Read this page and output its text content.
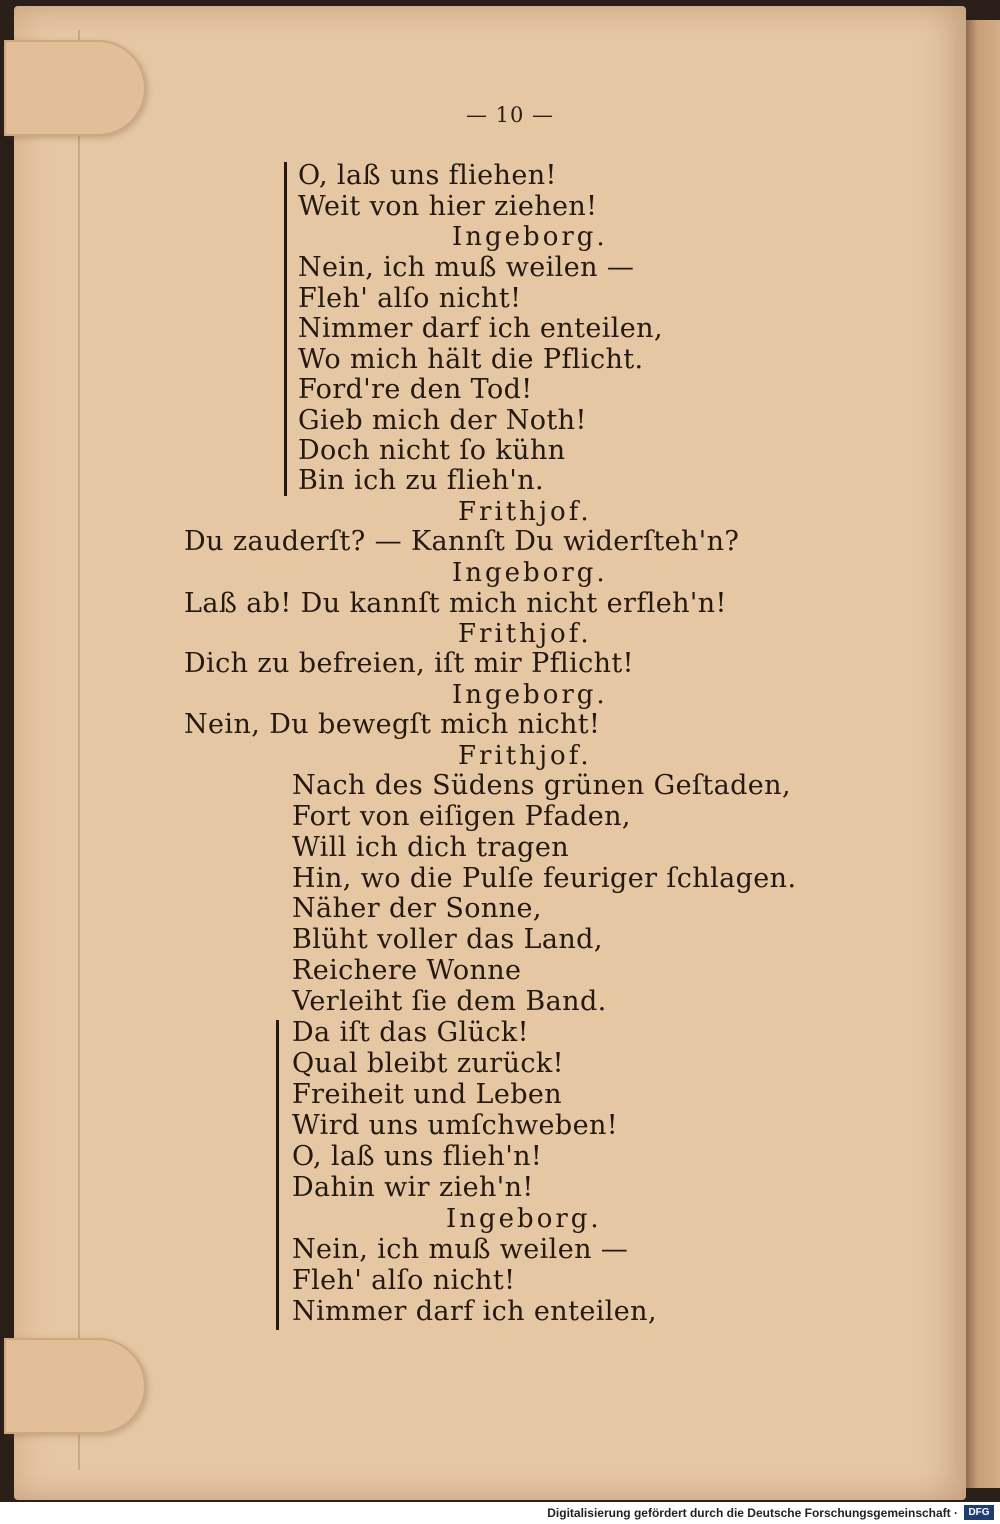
— 10 —
O, laß uns fliehen!
Weit von hier ziehen!
Ingeborg.
Nein, ich muß weilen —
Fleh' alſo nicht!
Nimmer darf ich enteilen,
Wo mich hält die Pflicht.
Ford're den Tod!
Gieb mich der Noth!
Doch nicht ſo kühn
Bin ich zu flieh'n.
Frithjof.
Du zauderſt? — Kannſt Du widerſteh'n?
Ingeborg.
Laß ab! Du kannſt mich nicht erfleh'n!
Frithjof.
Dich zu befreien, iſt mir Pflicht!
Ingeborg.
Nein, Du bewegſt mich nicht!
Frithjof.
Nach des Südens grünen Geſtaden,
Fort von eiſigen Pfaden,
Will ich dich tragen
Hin, wo die Pulſe feuriger ſchlagen.
Näher der Sonne,
Blüht voller das Land,
Reichere Wonne
Verleiht ſie dem Band.
Da iſt das Glück!
Qual bleibt zurück!
Freiheit und Leben
Wird uns umſchweben!
O, laß uns flieh'n!
Dahin wir zieh'n!
Ingeborg.
Nein, ich muß weilen —
Fleh' alſo nicht!
Nimmer darf ich enteilen,
Digitalisierung gefördert durch die Deutsche Forschungsgemeinschaft ·	DFG
